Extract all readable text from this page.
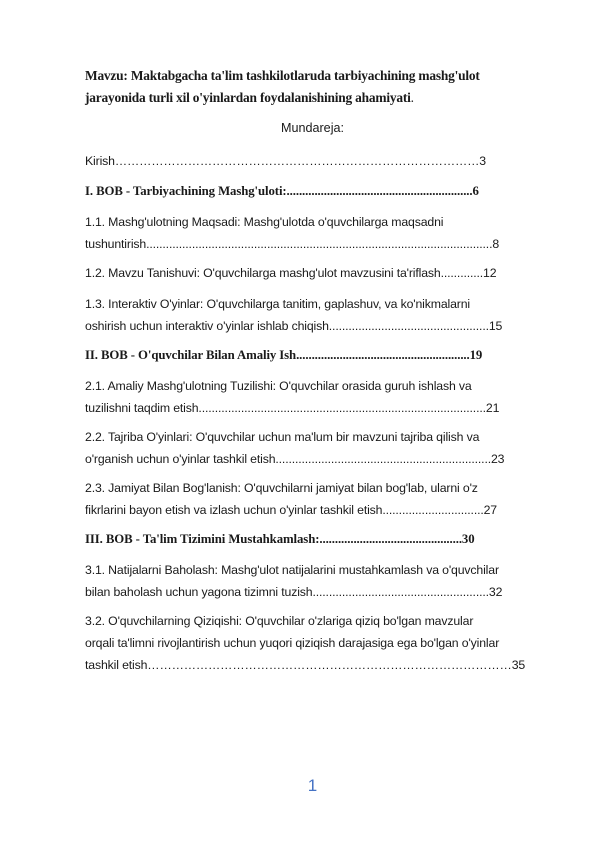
Mavzu: Maktabgacha ta'lim tashkilotlaruda tarbiyachining mashg'ulot
jarayonida turli xil o'yinlardan foydalanishining ahamiyati.
Mundareja:
Kirish………………………………………………………………………………3
I. BOB - Tarbiyachining Mashg'uloti:............................................................6
1.1. Mashg'ulotning Maqsadi: Mashg'ulotda o'quvchilarga maqsadni
tushuntirish..........................................................................................................8
1.2. Mavzu Tanishuvi: O'quvchilarga mashg'ulot mavzusini ta'riflash.............12
1.3. Interaktiv O'yinlar: O'quvchilarga tanitim, gaplashuv, va ko'nikmalarni
oshirish uchun interaktiv o'yinlar ishlab chiqish.................................................15
II. BOB - O'quvchilar Bilan Amaliy Ish........................................................19
2.1. Amaliy Mashg'ulotning Tuzilishi: O'quvchilar orasida guruh ishlash va
tuzilishni taqdim etish........................................................................................21
2.2. Tajriba O'yinlari: O'quvchilar uchun ma'lum bir mavzuni tajriba qilish va
o'rganish uchun o'yinlar tashkil etish..................................................................23
2.3. Jamiyat Bilan Bog'lanish: O'quvchilarni jamiyat bilan bog'lab, ularni o'z
fikrlarini bayon etish va izlash uchun o'yinlar tashkil etish...............................27
III. BOB - Ta'lim Tizimini Mustahkamlash:..............................................30
3.1. Natijalarni Baholash: Mashg'ulot natijalarini mustahkamlash va o'quvchilar
bilan baholash uchun yagona tizimni tuzish......................................................32
3.2. O'quvchilarning Qiziqishi: O'quvchilar o'zlariga qiziq bo'lgan mavzular
orqali ta'limni rivojlantirish uchun yuqori qiziqish darajasiga ega bo'lgan o'yinlar
tashkil etish………………………………………………………………………………35
1
